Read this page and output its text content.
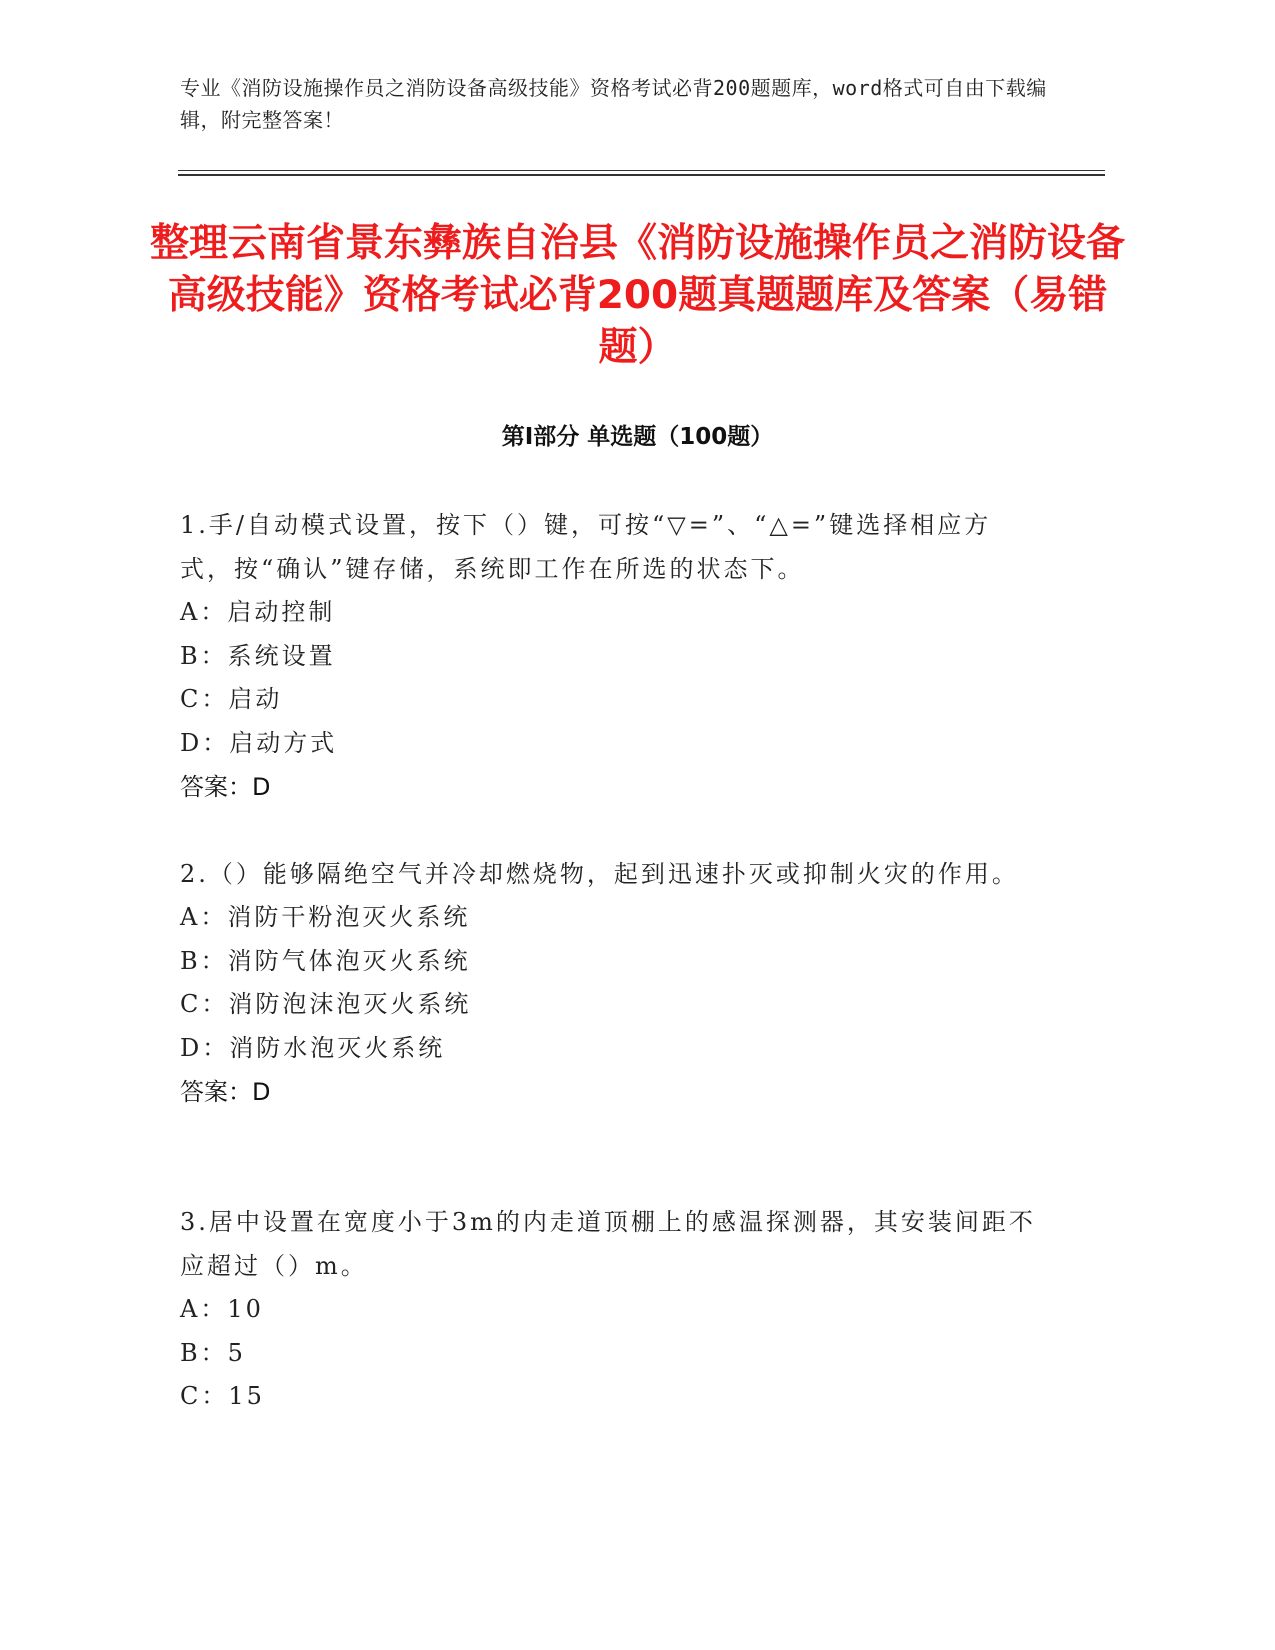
专业《消防设施操作员之消防设备高级技能》资格考试必背200题题库，word格式可自由下载编辑，附完整答案！
整理云南省景东彝族自治县《消防设施操作员之消防设备高级技能》资格考试必背200题真题题库及答案（易错题）
第Ⅰ部分 单选题（100题）
1.手/自动模式设置，按下（）键，可按“▽=”、“△=”键选择相应方式，按“确认”键存储，系统即工作在所选的状态下。
A：启动控制
B：系统设置
C：启动
D：启动方式
答案：D
2.（）能够隔绝空气并冷却燃烧物，起到迅速扑灭或抑制火灾的作用。
A：消防干粉泡灭火系统
B：消防气体泡灭火系统
C：消防泡沫泡灭火系统
D：消防水泡灭火系统
答案：D
3.居中设置在宽度小于3m的内走道顶棚上的感温探测器，其安装间距不应超过（）m。
A：10
B：5
C：15
